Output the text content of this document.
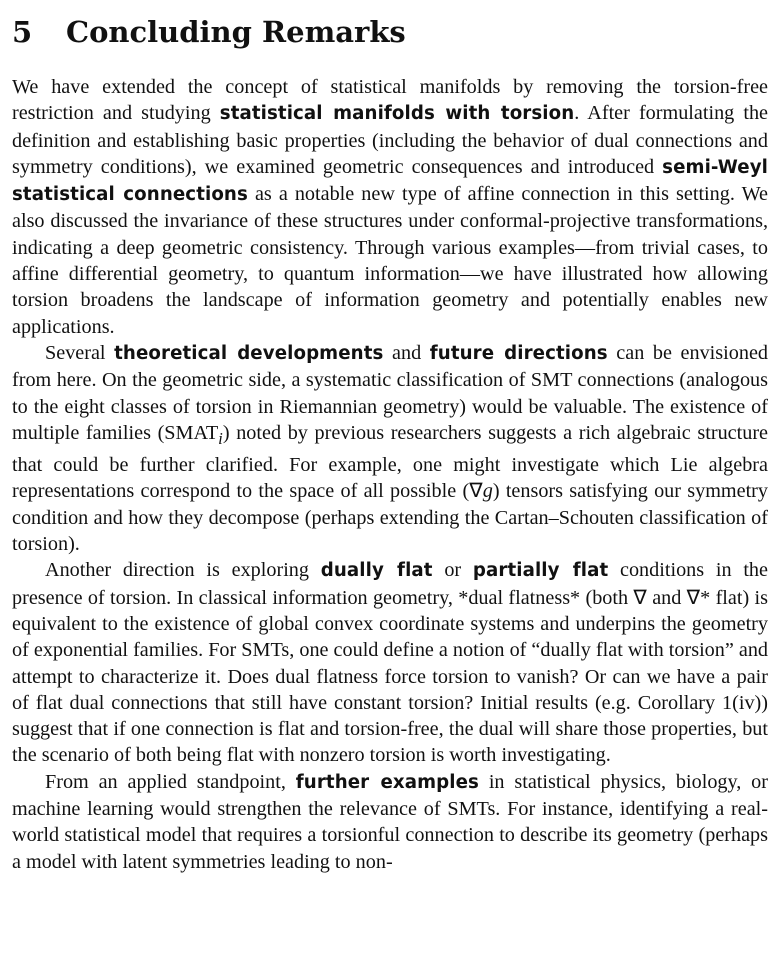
5	Concluding Remarks

We have extended the concept of statistical manifolds by removing the torsion-free restriction and studying statistical manifolds with torsion. After formulating the definition and establishing basic properties (including the behavior of dual connections and symmetry conditions), we examined geometric consequences and introduced semi-Weyl statistical connections as a notable new type of affine connection in this setting. We also discussed the invariance of these structures under conformal-projective transformations, indicating a deep geometric consistency. Through various examples—from trivial cases, to affine differential geometry, to quantum information—we have illustrated how allowing torsion broadens the landscape of information geometry and potentially enables new applications.

Several theoretical developments and future directions can be envisioned from here. On the geometric side, a systematic classification of SMT connections (analogous to the eight classes of torsion in Riemannian geometry) would be valuable. The existence of multiple families $(SMAT_i)$ noted by previous researchers suggests a rich algebraic structure that could be further clarified. For example, one might investigate which Lie algebra representations correspond to the space of all possible (∇g) tensors satisfying our symmetry condition and how they decompose (perhaps extending the Cartan–Schouten classification of torsion).

Another direction is exploring dually flat or partially flat conditions in the presence of torsion. In classical information geometry, *dual flatness* (both ∇ and ∇* flat) is equivalent to the existence of global convex coordinate systems and underpins the geometry of exponential families. For SMTs, one could define a notion of “dually flat with torsion” and attempt to characterize it. Does dual flatness force torsion to vanish? Or can we have a pair of flat dual connections that still have constant torsion? Initial results (e.g. Corollary 1(iv)) suggest that if one connection is flat and torsion-free, the dual will share those properties, but the scenario of both being flat with nonzero torsion is worth investigating.

From an applied standpoint, further examples in statistical physics, biology, or machine learning would strengthen the relevance of SMTs. For instance, identifying a real-world statistical model that requires a torsionful connection to describe its geometry (perhaps a model with latent symmetries leading to non-
